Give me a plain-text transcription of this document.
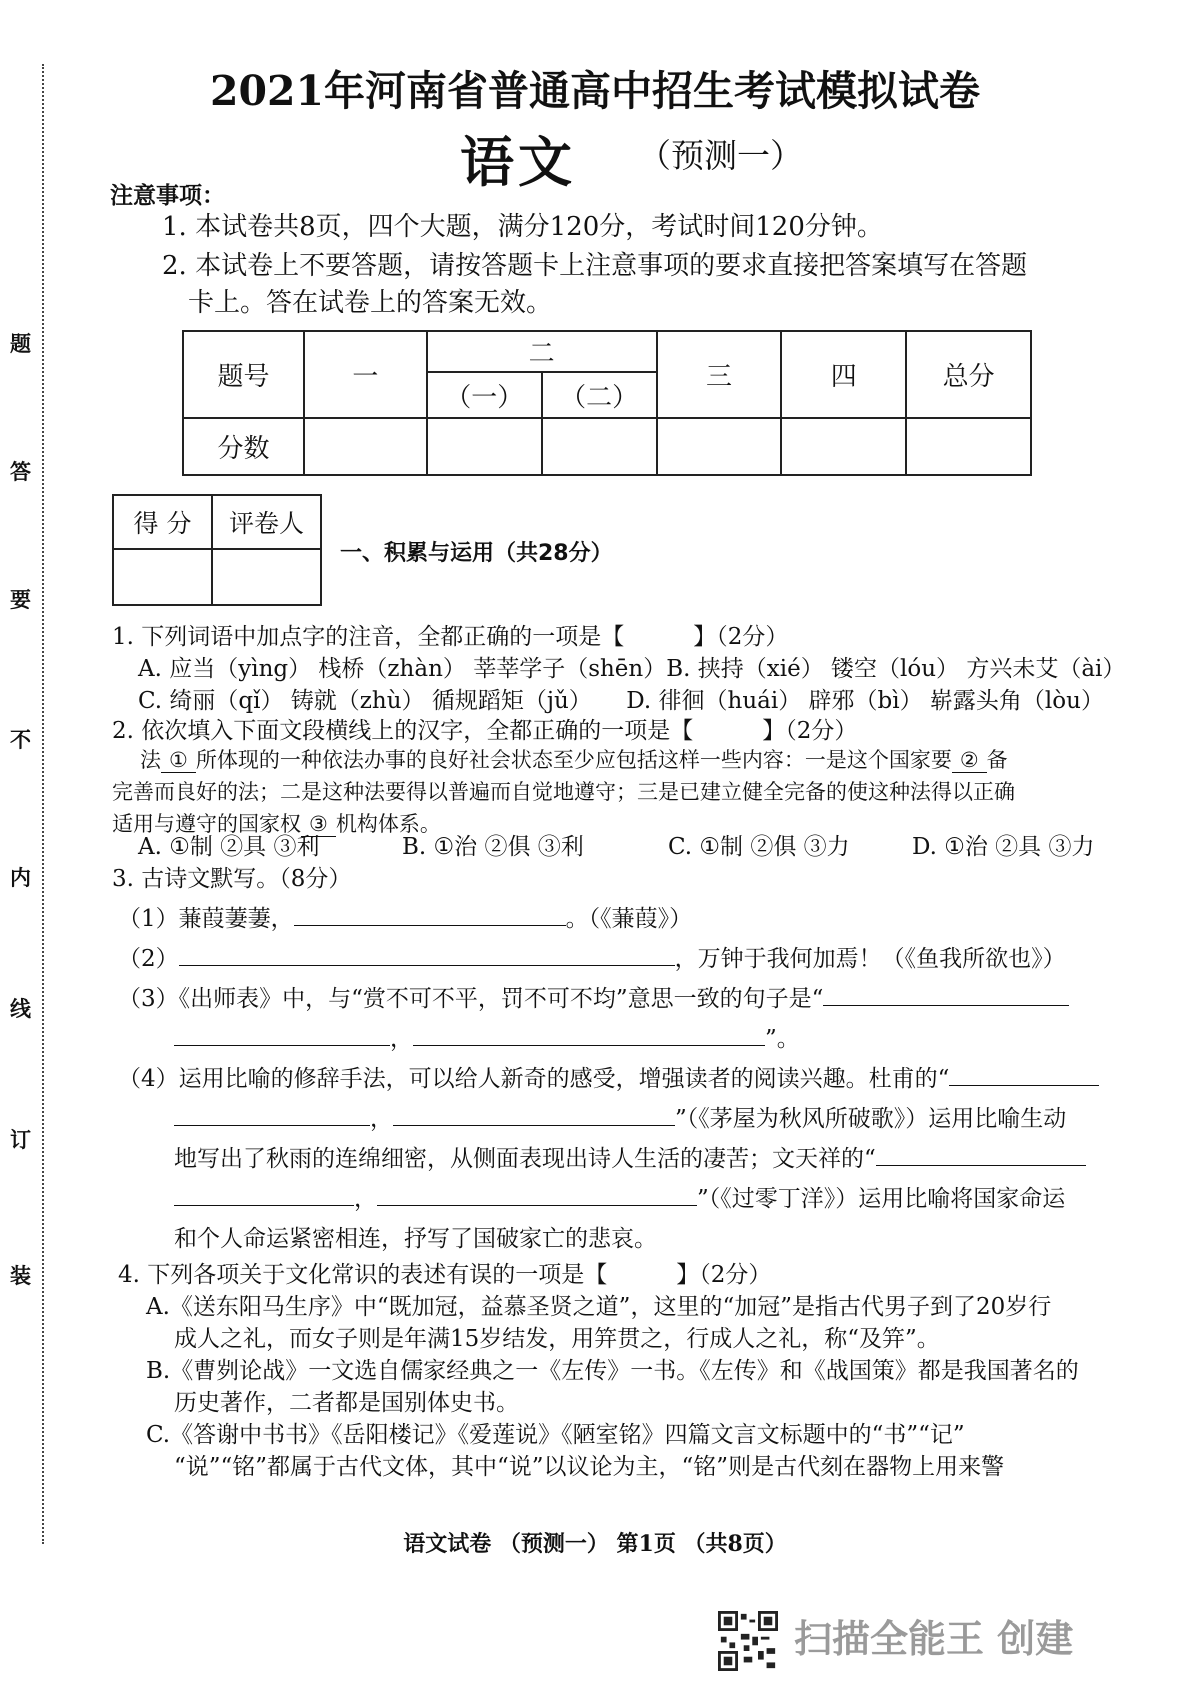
题
答
要
不
内
线
订
装
2021年河南省普通高中招生考试模拟试卷
语文 （预测一）
注意事项：
1. 本试卷共8页，四个大题，满分120分，考试时间120分钟。
2. 本试卷上不要答题，请按答题卡上注意事项的要求直接把答案填写在答题
卡上。答在试卷上的答案无效。
题号	一	二		三	四	总分
		（一）	（二）			
分数						
得 分	评卷人

一、积累与运用（共28分）
1. 下列词语中加点字的注音，全都正确的一项是【　　　】（2分）
A. 应当（yìng） 栈桥（zhàn） 莘莘学子（shēn）B. 挟持（xié） 镂空（lóu） 方兴未艾（ài）
C. 绮丽（qǐ） 铸就（zhù） 循规蹈矩（jǔ）　　D. 徘徊（huái） 辟邪（bì） 崭露头角（lòu）
2. 依次填入下面文段横线上的汉字，全都正确的一项是【　　　】（2分）
法 ① 所体现的一种依法办事的良好社会状态至少应包括这样一些内容：一是这个国家要 ② 备
完善而良好的法；二是这种法要得以普遍而自觉地遵守；三是已建立健全完备的使这种法得以正确
适用与遵守的国家权 ③ 机构体系。
A. ①制 ②具 ③利	B. ①治 ②俱 ③利	C. ①制 ②俱 ③力	D. ①治 ②具 ③力
3. 古诗文默写。（8分）
（1）蒹葭萋萋，	。（《蒹葭》）
（2）	，万钟于我何加焉！（《鱼我所欲也》）
（3）《出师表》中，与“赏不可不平，罚不可不均”意思一致的句子是“
，	”。
（4）运用比喻的修辞手法，可以给人新奇的感受，增强读者的阅读兴趣。杜甫的“
，	”（《茅屋为秋风所破歌》）运用比喻生动
地写出了秋雨的连绵细密，从侧面表现出诗人生活的凄苦；文天祥的“
，	”（《过零丁洋》）运用比喻将国家命运
和个人命运紧密相连，抒写了国破家亡的悲哀。
4. 下列各项关于文化常识的表述有误的一项是【　　　】（2分）
A.《送东阳马生序》中“既加冠，益慕圣贤之道”，这里的“加冠”是指古代男子到了20岁行
成人之礼，而女子则是年满15岁结发，用笄贯之，行成人之礼，称“及笄”。
B.《曹刿论战》一文选自儒家经典之一《左传》一书。《左传》和《战国策》都是我国著名的
历史著作，二者都是国别体史书。
C.《答谢中书书》《岳阳楼记》《爱莲说》《陋室铭》四篇文言文标题中的“书”“记”
“说”“铭”都属于古代文体，其中“说”以议论为主，“铭”则是古代刻在器物上用来警
语文试卷 （预测一） 第1页 （共8页）
扫描全能王 创建
